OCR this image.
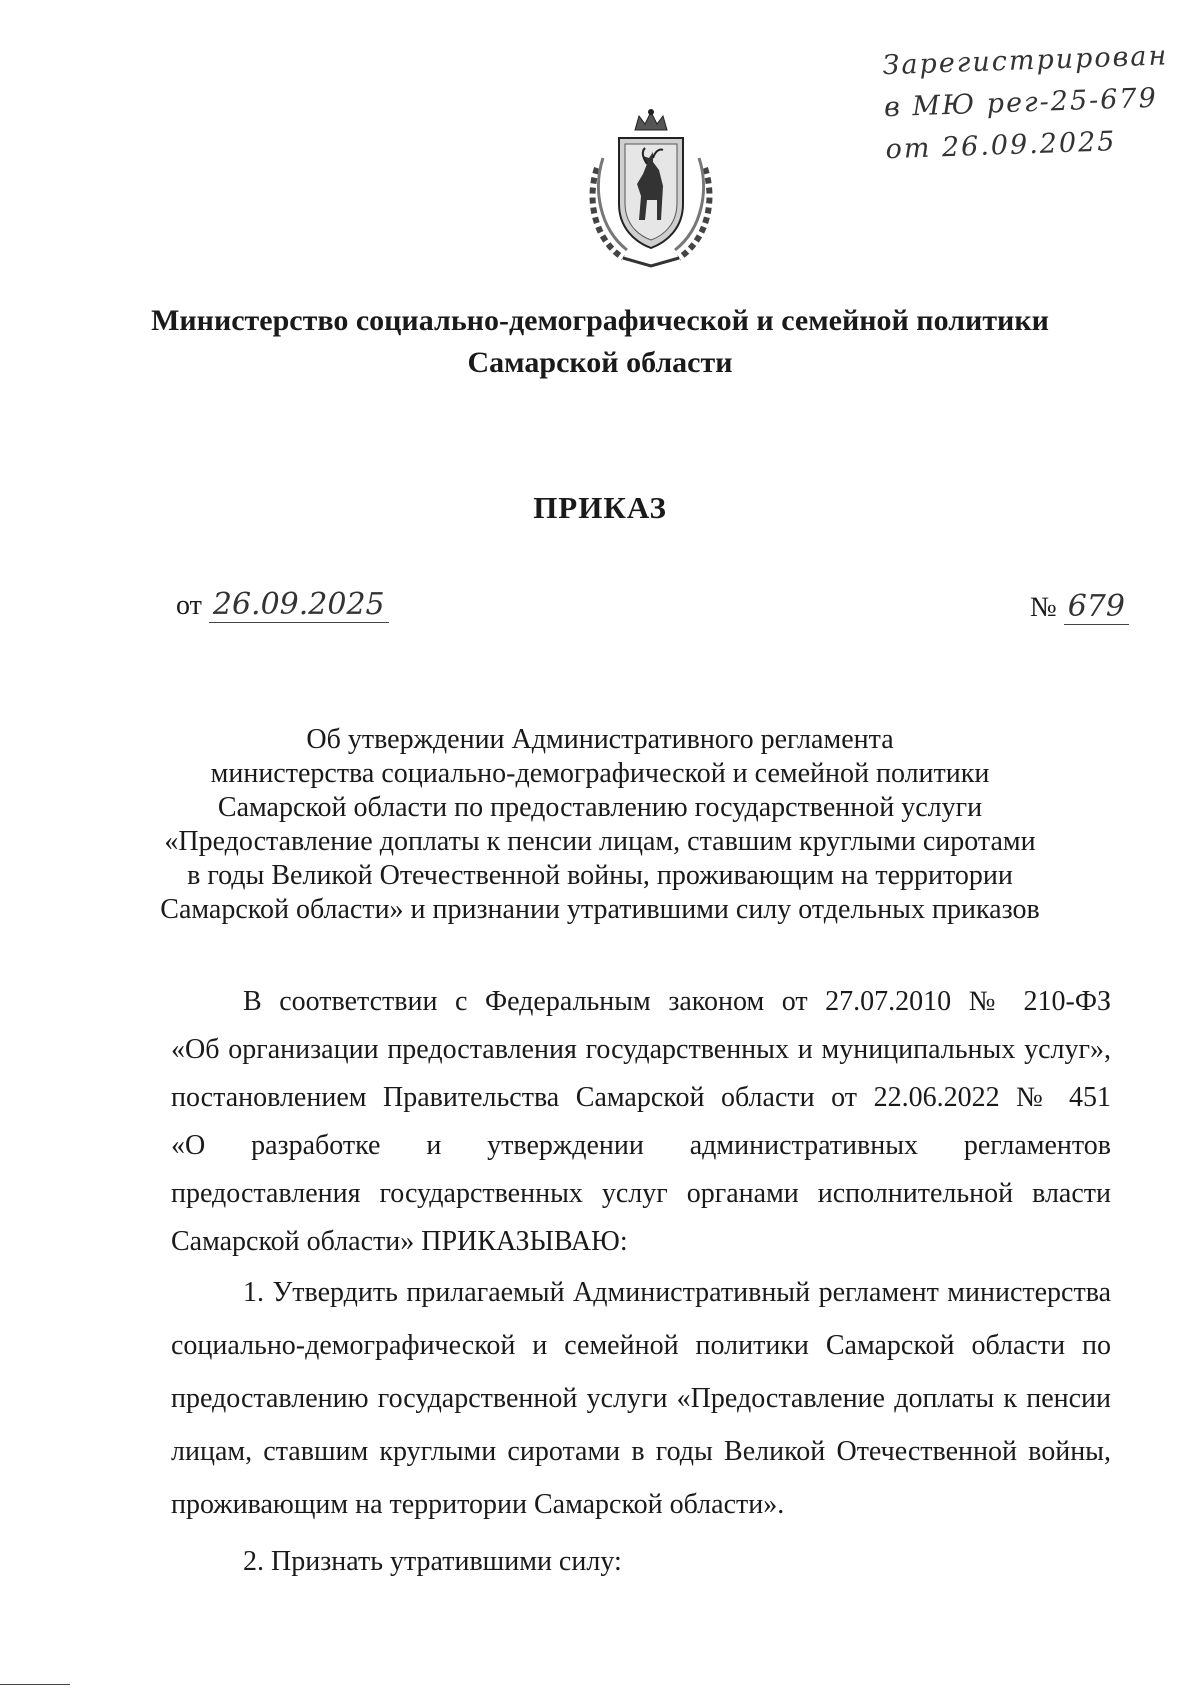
Зарегистрирован
в МЮ рег-25-679
от 26.09.2025
Министерство социально-демографической и семейной политики
Самарской области
ПРИКАЗ
от 26.09.2025	№ 679
Об утверждении Административного регламента
министерства социально-демографической и семейной политики
Самарской области по предоставлению государственной услуги
«Предоставление доплаты к пенсии лицам, ставшим круглыми сиротами
в годы Великой Отечественной войны, проживающим на территории
Самарской области» и признании утратившими силу отдельных приказов
В соответствии с Федеральным законом от 27.07.2010 № 210-ФЗ
«Об организации предоставления государственных и муниципальных услуг»,
постановлением Правительства Самарской области от 22.06.2022 № 451
«О разработке и утверждении административных регламентов
предоставления государственных услуг органами исполнительной власти
Самарской области» ПРИКАЗЫВАЮ:

1. Утвердить прилагаемый Административный регламент министерства социально-демографической и семейной политики Самарской области по предоставлению государственной услуги «Предоставление доплаты к пенсии лицам, ставшим круглыми сиротами в годы Великой Отечественной войны, проживающим на территории Самарской области».

2. Признать утратившими силу:
